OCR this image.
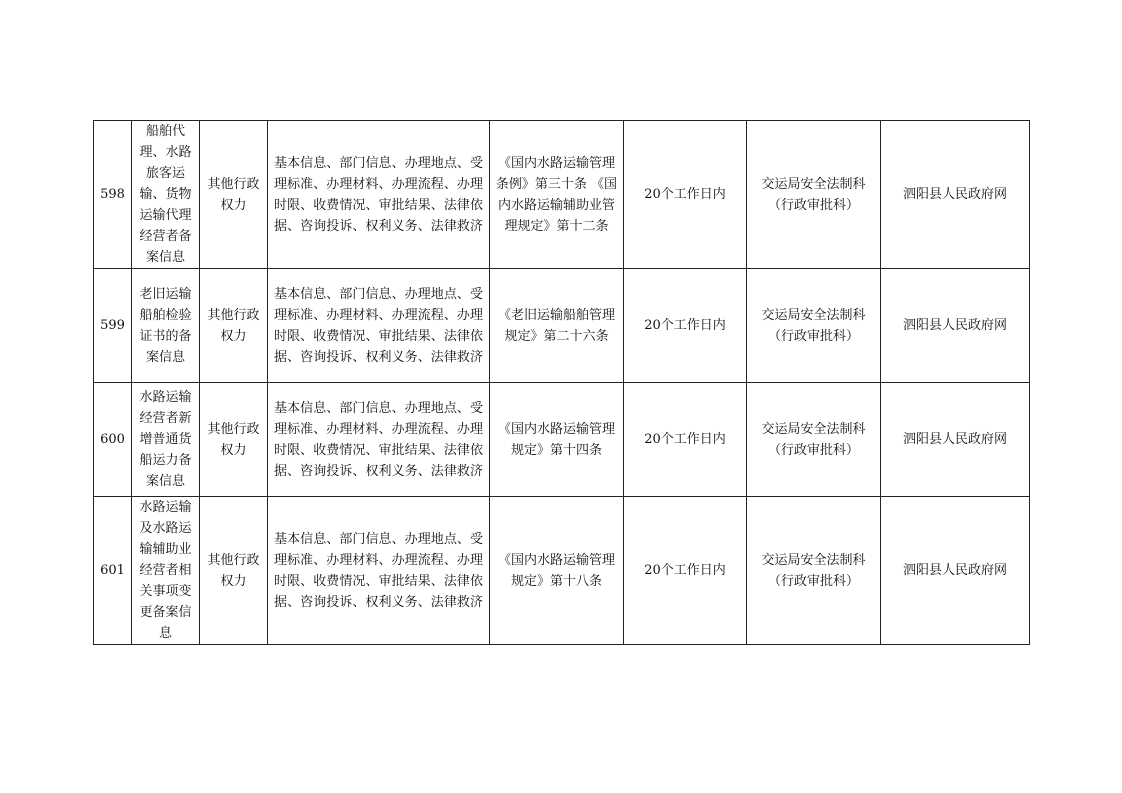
598	船舶代理、水路旅客运输、货物运输代理经营者备案信息	其他行政权力	基本信息、部门信息、办理地点、受理标准、办理材料、办理流程、办理时限、收费情况、审批结果、法律依据、咨询投诉、权利义务、法律救济	《国内水路运输管理条例》第三十条 《国内水路运输辅助业管理规定》第十二条	20个工作日内	交运局安全法制科（行政审批科）	泗阳县人民政府网
599	老旧运输船舶检验证书的备案信息	其他行政权力	基本信息、部门信息、办理地点、受理标准、办理材料、办理流程、办理时限、收费情况、审批结果、法律依据、咨询投诉、权利义务、法律救济	《老旧运输船舶管理规定》第二十六条	20个工作日内	交运局安全法制科（行政审批科）	泗阳县人民政府网
600	水路运输经营者新增普通货船运力备案信息	其他行政权力	基本信息、部门信息、办理地点、受理标准、办理材料、办理流程、办理时限、收费情况、审批结果、法律依据、咨询投诉、权利义务、法律救济	《国内水路运输管理规定》第十四条	20个工作日内	交运局安全法制科（行政审批科）	泗阳县人民政府网
601	水路运输及水路运输辅助业经营者相关事项变更备案信息	其他行政权力	基本信息、部门信息、办理地点、受理标准、办理材料、办理流程、办理时限、收费情况、审批结果、法律依据、咨询投诉、权利义务、法律救济	《国内水路运输管理规定》第十八条	20个工作日内	交运局安全法制科（行政审批科）	泗阳县人民政府网
